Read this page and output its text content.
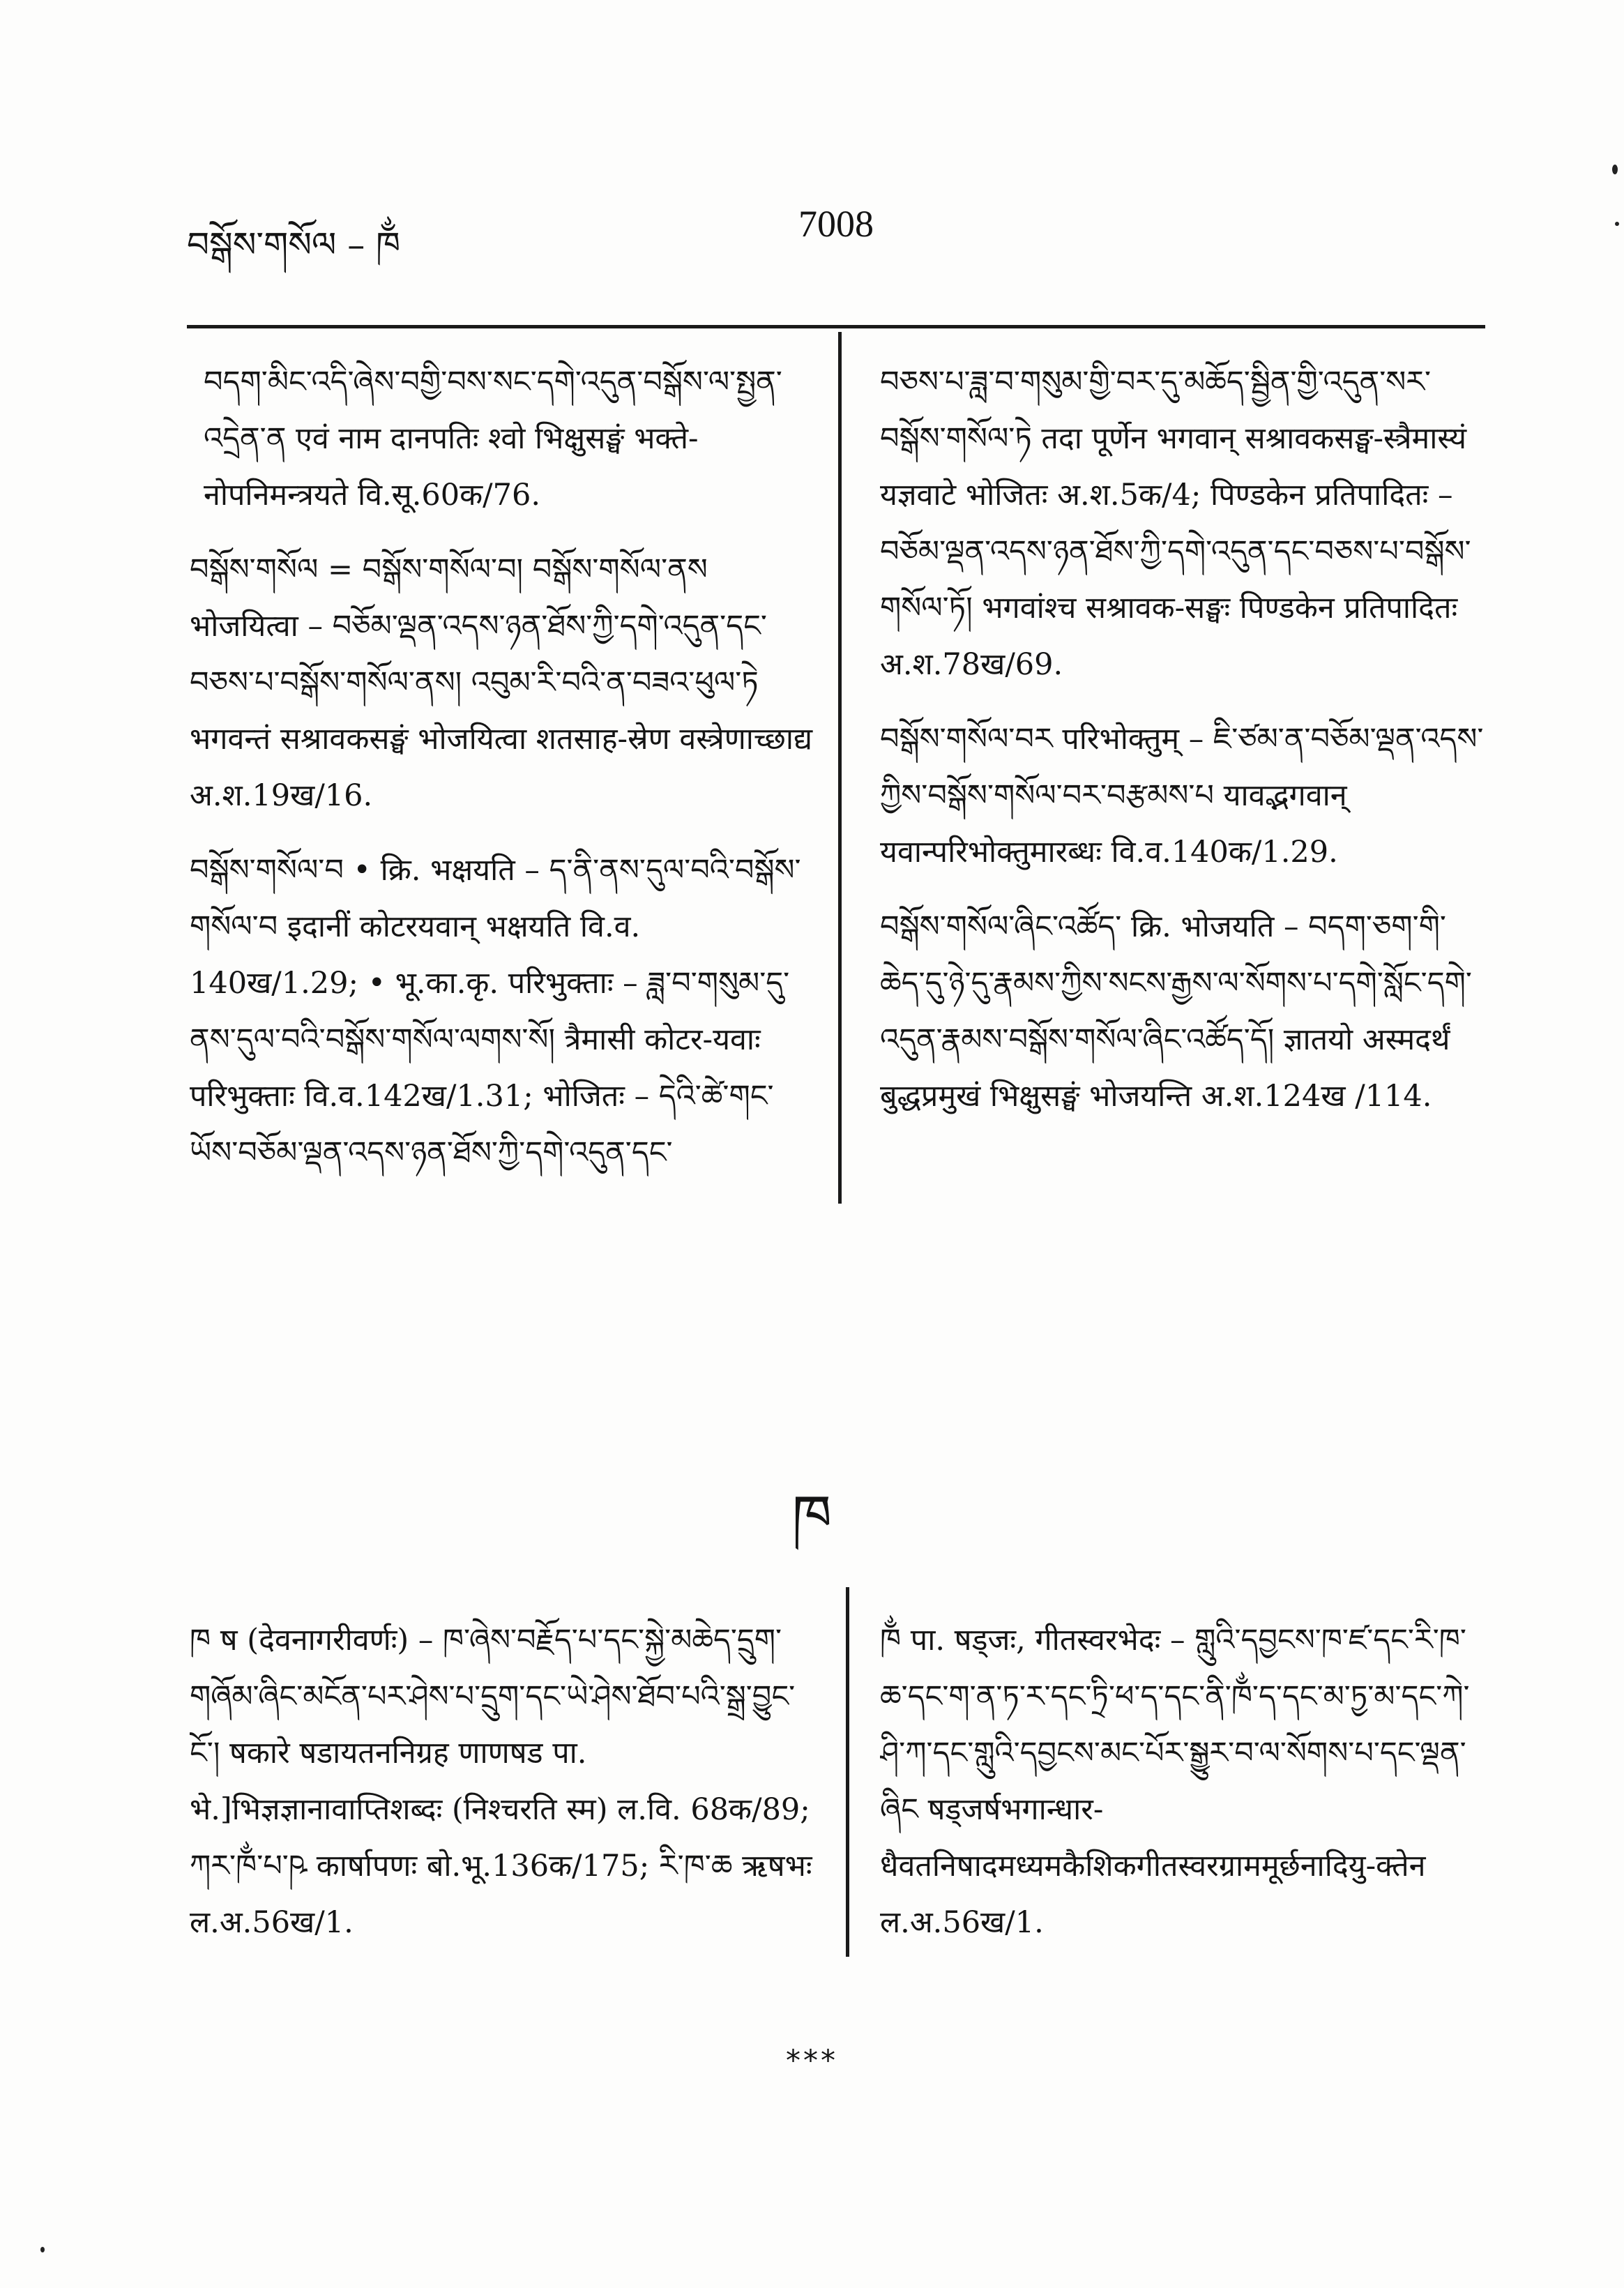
བསྒོས་གསོལ – ཁྂ	7008

བདག་མིང་འདི་ཞེས་བགྱི་བས་སང་དགེ་འདུན་བསྒོས་ལ་སྤྱན་འདྲེན་ན एवं नाम दानपतिः श्वो भिक्षुसङ्घं भक्ते-नोपनिमन्त्रयते वि.सू.60क/76.

བསྒོས་གསོལ = བསྒོས་གསོལ་བ། བསྒོས་གསོལ་ནས भोजयित्वा – བཅོམ་ལྡན་འདས་ཉན་ཐོས་ཀྱི་དགེ་འདུན་དང་བཅས་པ་བསྒོས་གསོལ་ནས། འབུམ་རི་བའི་ན་བཟའ་ཕུལ་ཏེ भगवन्तं सश्रावकसङ्घं भोजयित्वा शतसाह-स्रेण वस्त्रेणाच्छाद्य अ.श.19ख/16.

བསྒོས་གསོལ་བ • क्रि. भक्षयति – ད་ནི་ནས་དུལ་བའི་བསྒོས་གསོལ་བ इदानीं कोटरयवान् भक्षयति वि.व. 140ख/1.29; • भू.का.कृ. परिभुक्ताः – ཟླ་བ་གསུམ་དུ་ནས་དུལ་བའི་བསྒོས་གསོལ་ལགས་སོ། त्रैमासी कोटर-यवाः परिभुक्ताः वि.व.142ख/1.31; भोजितः – དེའི་ཚེ་གང་ཡོས་བཅོམ་ལྡན་འདས་ཉན་ཐོས་ཀྱི་དགེ་འདུན་དང་

བཅས་པ་ཟླ་བ་གསུམ་གྱི་བར་དུ་མཆོད་སྦྱིན་གྱི་འདུན་སར་བསྒོས་གསོལ་ཏེ तदा पूर्णेन भगवान् सश्रावकसङ्घ-स्त्रैमास्यं यज्ञवाटे भोजितः अ.श.5क/4; पिण्डकेन प्रतिपादितः – བཅོམ་ལྡན་འདས་ཉན་ཐོས་ཀྱི་དགེ་འདུན་དང་བཅས་པ་བསྒོས་གསོལ་ཏོ། भगवांश्च सश्रावक-सङ्घः पिण्डकेन प्रतिपादितः अ.श.78ख/69.

བསྒོས་གསོལ་བར परिभोक्तुम् – ཇི་ཙམ་ན་བཅོམ་ལྡན་འདས་ཀྱིས་བསྒོས་གསོལ་བར་བརྩམས་པ यावद्भगवान् यवान्परिभोक्तुमारब्धः वि.व.140क/1.29.

བསྒོས་གསོལ་ཞིང་འཚོད་ क्रि. भोजयति – བདག་ཅག་གི་ཆེད་དུ་ཉེ་དུ་རྣམས་ཀྱིས་སངས་རྒྱས་ལ་སོགས་པ་དགེ་སློང་དགེ་འདུན་རྣམས་བསྒོས་གསོལ་ཞིང་འཚོད་དོ། ज्ञातयो अस्मदर्थं बुद्धप्रमुखं भिक्षुसङ्घं भोजयन्ति अ.श.124ख /114.

ཁ

ཁ ष (देवनागरीवर्णः) – ཁ་ཞེས་བརྗོད་པ་དང་སྐྱེ་མཆེད་དྲུག་གཞོམ་ཞིང་མངོན་པར་ཤེས་པ་དྲུག་དང་ཡེ་ཤེས་ཐོབ་པའི་སྒྲ་བྱུང་ངོ་། षकारे षडायतननिग्रह णाणषड पा. भे.]भिज्ञज्ञानावाप्तिशब्दः (निश्चरति स्म) ल.वि. 68क/89; ཀར་ཁྂ་པ་ཥ कार्षापणः बो.भू.136क/175; རི་ཁ་ཆ ऋषभः ल.अ.56ख/1.

ཁྂ पा. षड्जः, गीतस्वरभेदः – གླུའི་དབྱངས་ཁ་ཛ་དང་རི་ཁ་ཆ་དང་ག་ན་ཏ་ར་དང་ཏྲི་ཕ་ད་དང་ནི་ཁྂ་ད་དང་མ་ཏྱ་མ་དང་ཀེ་ཤི་ཀ་དང་གླུའི་དབྱངས་མང་པོར་སྒྱུར་བ་ལ་སོགས་པ་དང་ལྡན་ཞིང षड्जर्षभगान्धार-धैवतनिषादमध्यमकैशिकगीतस्वरग्राममूर्छनादियु-क्तेन ल.अ.56ख/1.

***
